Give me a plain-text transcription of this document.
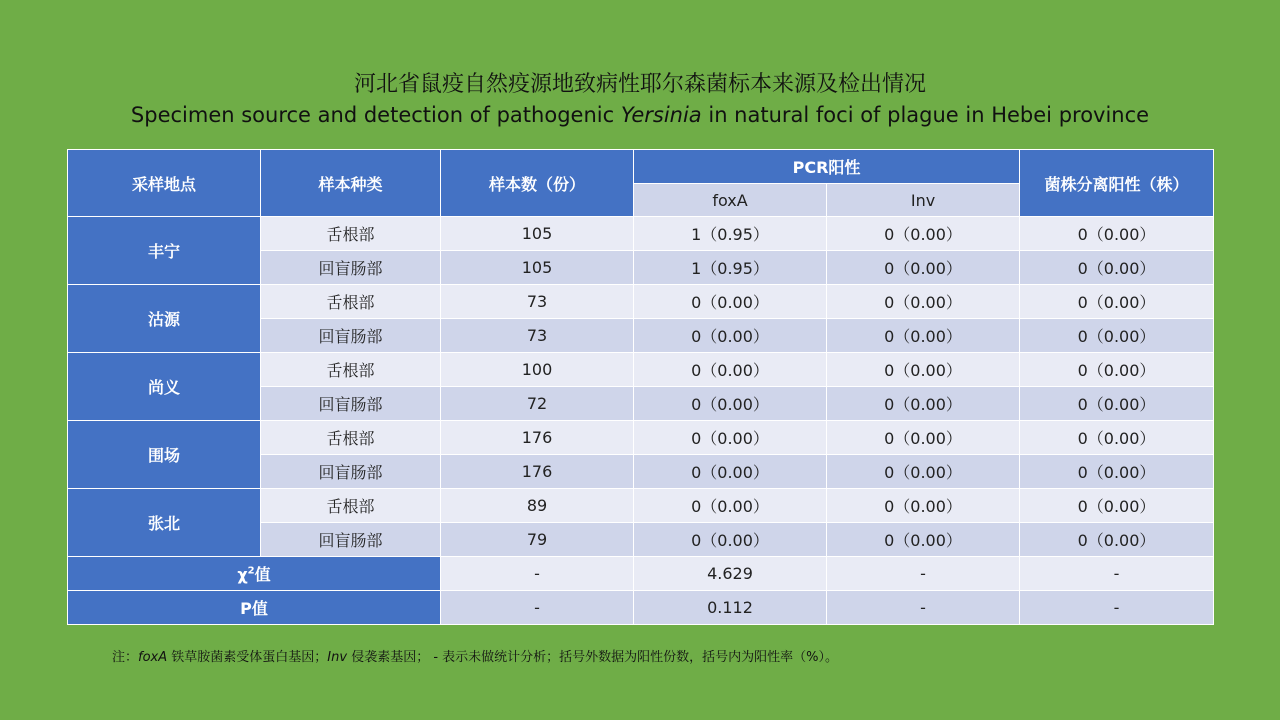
河北省鼠疫自然疫源地致病性耶尔森菌标本来源及检出情况
Specimen source and detection of pathogenic Yersinia in natural foci of plague in Hebei province
采样地点	样本种类	样本数（份）	PCR阳性		菌株分离阳性（株）
			foxA	Inv	
丰宁	舌根部	105	1（0.95）	0（0.00）	0（0.00）
	回盲肠部	105	1（0.95）	0（0.00）	0（0.00）
沽源	舌根部	73	0（0.00）	0（0.00）	0（0.00）
	回盲肠部	73	0（0.00）	0（0.00）	0（0.00）
尚义	舌根部	100	0（0.00）	0（0.00）	0（0.00）
	回盲肠部	72	0（0.00）	0（0.00）	0（0.00）
围场	舌根部	176	0（0.00）	0（0.00）	0（0.00）
	回盲肠部	176	0（0.00）	0（0.00）	0（0.00）
张北	舌根部	89	0（0.00）	0（0.00）	0（0.00）
	回盲肠部	79	0（0.00）	0（0.00）	0（0.00）
$\chi^2$值		-	4.629	-	-
P值		-	0.112	-	-
注：foxA 铁草胺菌素受体蛋白基因；Inv 侵袭素基因； - 表示未做统计分析；括号外数据为阳性份数，括号内为阳性率（%）。
